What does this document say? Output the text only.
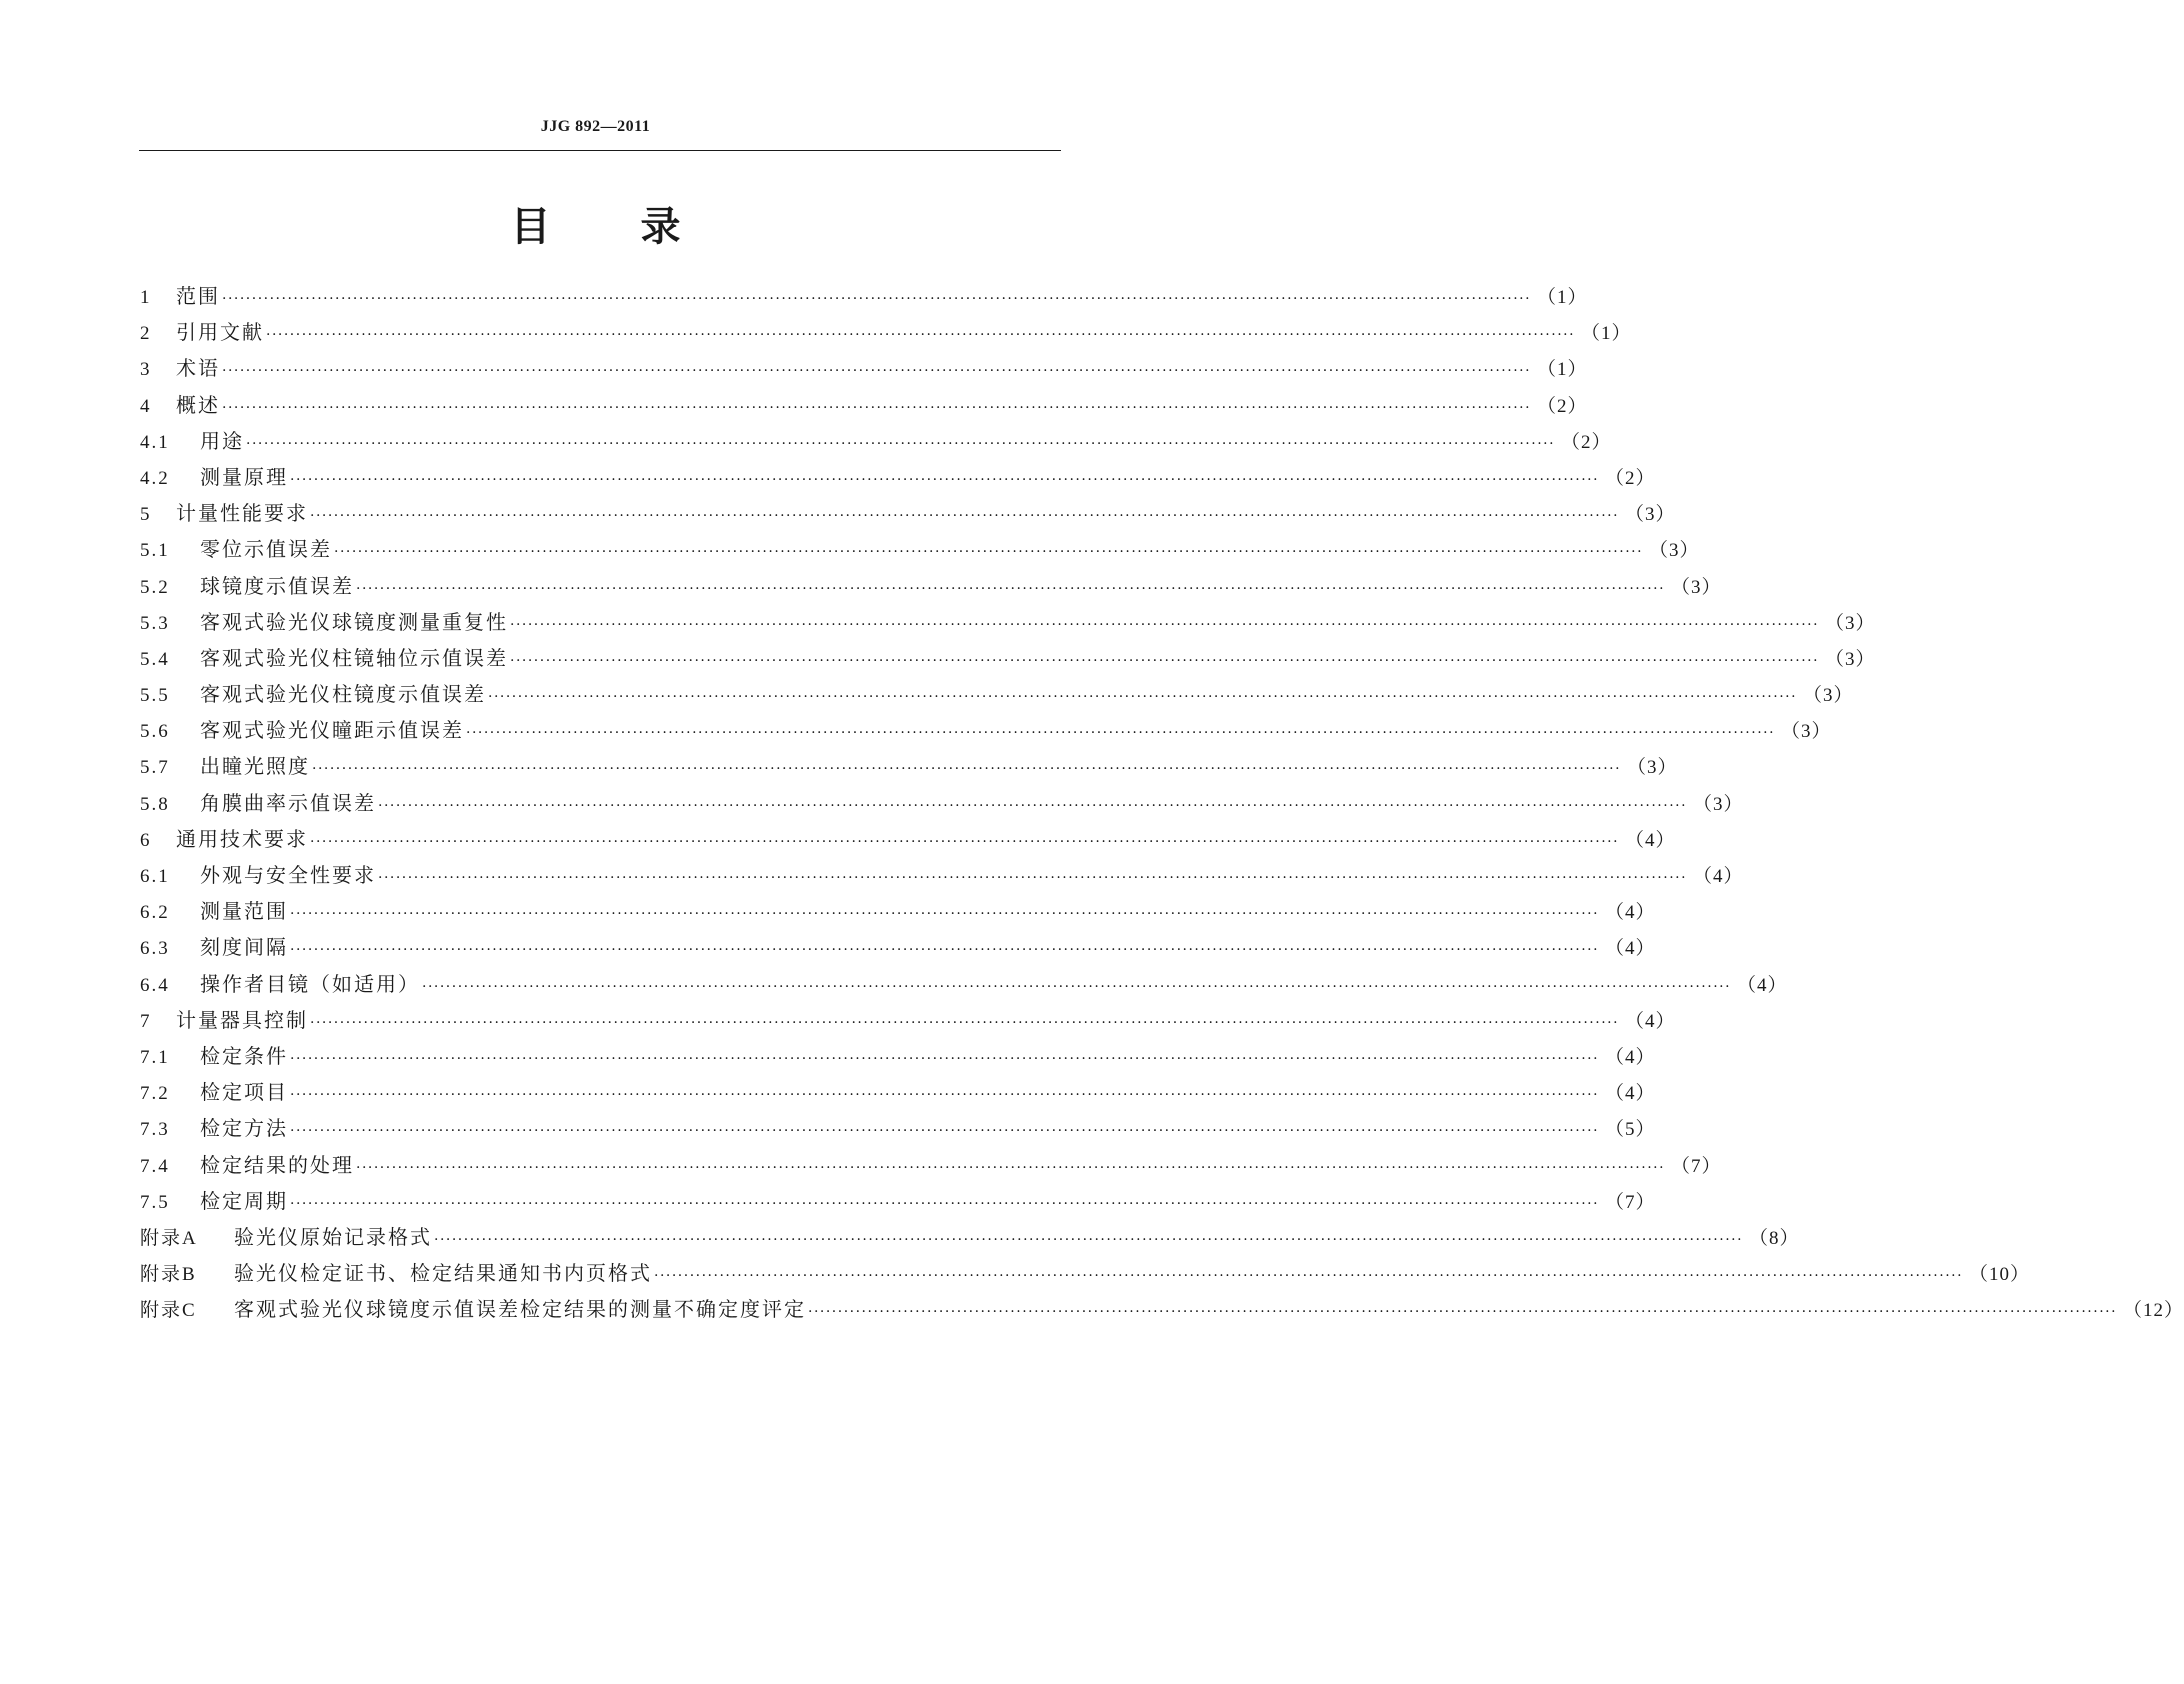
JJG 892—2011
目录
1	范围 ···························································································································································································································· （1）
2	引用文献 ···························································································································································································································· （1）
3	术语 ···························································································································································································································· （1）
4	概述 ···························································································································································································································· （2）
4.1	用途 ···························································································································································································································· （2）
4.2	测量原理 ···························································································································································································································· （2）
5	计量性能要求 ···························································································································································································································· （3）
5.1	零位示值误差 ···························································································································································································································· （3）
5.2	球镜度示值误差 ···························································································································································································································· （3）
5.3	客观式验光仪球镜度测量重复性 ···························································································································································································································· （3）
5.4	客观式验光仪柱镜轴位示值误差 ···························································································································································································································· （3）
5.5	客观式验光仪柱镜度示值误差 ···························································································································································································································· （3）
5.6	客观式验光仪瞳距示值误差 ···························································································································································································································· （3）
5.7	出瞳光照度 ···························································································································································································································· （3）
5.8	角膜曲率示值误差 ···························································································································································································································· （3）
6	通用技术要求 ···························································································································································································································· （4）
6.1	外观与安全性要求 ···························································································································································································································· （4）
6.2	测量范围 ···························································································································································································································· （4）
6.3	刻度间隔 ···························································································································································································································· （4）
6.4	操作者目镜（如适用） ···························································································································································································································· （4）
7	计量器具控制 ···························································································································································································································· （4）
7.1	检定条件 ···························································································································································································································· （4）
7.2	检定项目 ···························································································································································································································· （4）
7.3	检定方法 ···························································································································································································································· （5）
7.4	检定结果的处理 ···························································································································································································································· （7）
7.5	检定周期 ···························································································································································································································· （7）
附录A	验光仪原始记录格式 ···························································································································································································································· （8）
附录B	验光仪检定证书、检定结果通知书内页格式 ···························································································································································································································· （10）
附录C	客观式验光仪球镜度示值误差检定结果的测量不确定度评定 ···························································································································································································································· （12）
